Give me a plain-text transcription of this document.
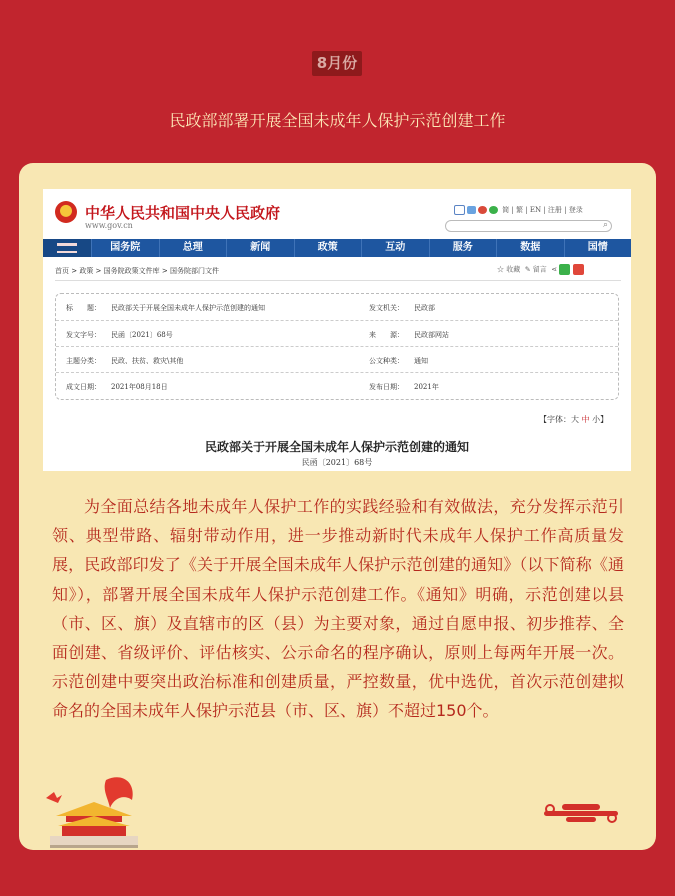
8月份
民政部部署开展全国未成年人保护示范创建工作
中华人民共和国中央人民政府
www.gov.cn
简 | 繁 | EN | 注册 | 登录
⌕
国务院	总理	新闻	政策	互动	服务	数据	国情
首页 > 政策 > 国务院政策文件库 > 国务院部门文件	☆ 收藏 ✎ 留言 ⋖
标　　题： 民政部关于开展全国未成年人保护示范创建的通知	发文机关： 民政部
发文字号： 民函〔2021〕68号	来　　源： 民政部网站
主题分类： 民政、扶贫、救灾\其他	公文种类： 通知
成文日期： 2021年08月18日	发布日期： 2021年
【字体：大 中 小】
民政部关于开展全国未成年人保护示范创建的通知
民函〔2021〕68号

为全面总结各地未成年人保护工作的实践经验和有效做法，充分发挥示范引领、典型带路、辐射带动作用，进一步推动新时代未成年人保护工作高质量发展，民政部印发了《关于开展全国未成年人保护示范创建的通知》（以下简称《通知》），部署开展全国未成年人保护示范创建工作。《通知》明确，示范创建以县（市、区、旗）及直辖市的区（县）为主要对象，通过自愿申报、初步推荐、全面创建、省级评价、评估核实、公示命名的程序确认，原则上每两年开展一次。示范创建中要突出政治标准和创建质量，严控数量，优中选优，首次示范创建拟命名的全国未成年人保护示范县（市、区、旗）不超过150个。
